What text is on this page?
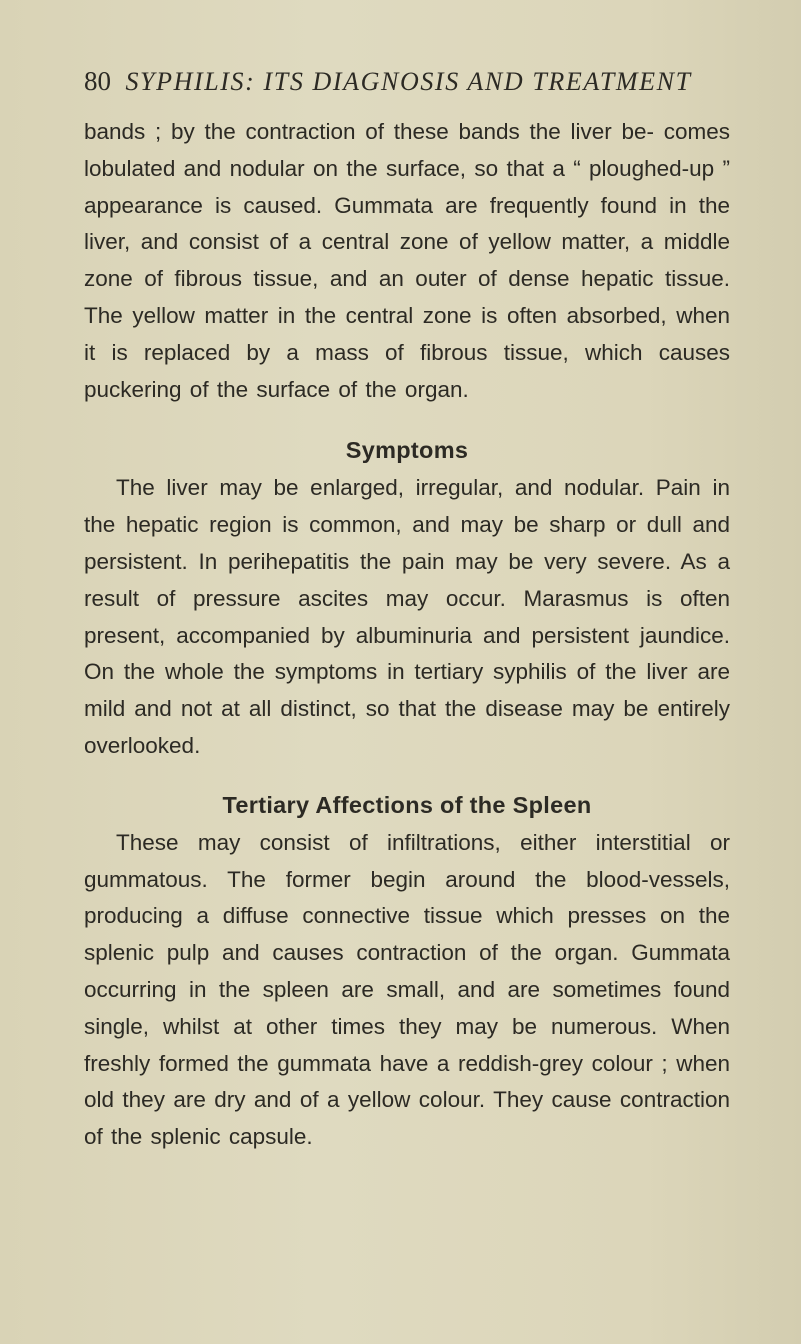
80 SYPHILIS: ITS DIAGNOSIS AND TREATMENT

bands ; by the contraction of these bands the liver be- comes lobulated and nodular on the surface, so that a “ ploughed-up ” appearance is caused. Gummata are frequently found in the liver, and consist of a central zone of yellow matter, a middle zone of fibrous tissue, and an outer of dense hepatic tissue. The yellow matter in the central zone is often absorbed, when it is replaced by a mass of fibrous tissue, which causes puckering of the surface of the organ.

Symptoms

The liver may be enlarged, irregular, and nodular. Pain in the hepatic region is common, and may be sharp or dull and persistent. In perihepatitis the pain may be very severe. As a result of pressure ascites may occur. Marasmus is often present, accompanied by albuminuria and persistent jaundice. On the whole the symptoms in tertiary syphilis of the liver are mild and not at all distinct, so that the disease may be entirely overlooked.

Tertiary Affections of the Spleen

These may consist of infiltrations, either interstitial or gummatous. The former begin around the blood-vessels, producing a diffuse connective tissue which presses on the splenic pulp and causes contraction of the organ. Gummata occurring in the spleen are small, and are sometimes found single, whilst at other times they may be numerous. When freshly formed the gummata have a reddish-grey colour ; when old they are dry and of a yellow colour. They cause contraction of the splenic capsule.
